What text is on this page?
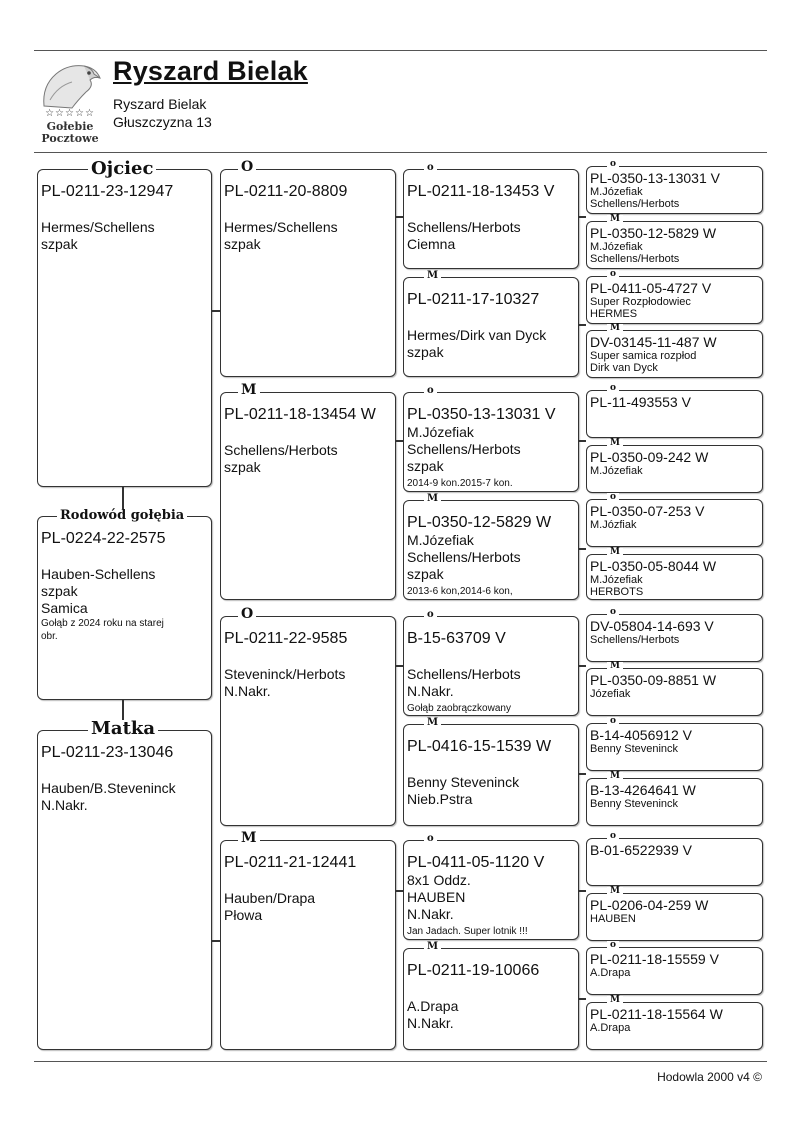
☆☆☆☆☆
Gołebie
Pocztowe
Ryszard Bielak
Ryszard Bielak
Głuszczyzna 13
PL-0211-23-12947
Hermes/Schellens
szpak
Ojciec
PL-0224-22-2575
Hauben-Schellens
szpak
Samica
Gołąb z 2024 roku na starej
obr.
Rodowód gołębia
PL-0211-23-13046
Hauben/B.Steveninck
N.Nakr.
Matka
PL-0211-20-8809
Hermes/Schellens
szpak
O
PL-0211-18-13454 W
Schellens/Herbots
szpak
M
PL-0211-22-9585
Steveninck/Herbots
N.Nakr.
O
PL-0211-21-12441
Hauben/Drapa
Płowa
M
PL-0211-18-13453 V
Schellens/Herbots
Ciemna
o
PL-0211-17-10327
Hermes/Dirk van Dyck
szpak
M
PL-0350-13-13031 V
M.Józefiak
Schellens/Herbots
szpak
2014-9 kon.2015-7 kon.
o
PL-0350-12-5829 W
M.Józefiak
Schellens/Herbots
szpak
2013-6 kon,2014-6 kon,
M
B-15-63709 V
Schellens/Herbots
N.Nakr.
Gołąb zaobrączkowany
o
PL-0416-15-1539 W
Benny Steveninck
Nieb.Pstra
M
PL-0411-05-1120 V
8x1 Oddz.
HAUBEN
N.Nakr.
Jan Jadach. Super lotnik !!!
o
PL-0211-19-10066
A.Drapa
N.Nakr.
M
PL-0350-13-13031 V
M.Józefiak
Schellens/Herbots
o
PL-0350-12-5829 W
M.Józefiak
Schellens/Herbots
M
PL-0411-05-4727 V
Super Rozpłodowiec
HERMES
o
DV-03145-11-487 W
Super samica rozpłod
Dirk van Dyck
M
PL-11-493553 V
o
PL-0350-09-242 W
M.Józefiak
M
PL-0350-07-253 V
M.Józfiak
o
PL-0350-05-8044 W
M.Józefiak
HERBOTS
M
DV-05804-14-693 V
Schellens/Herbots
o
PL-0350-09-8851 W
Józefiak
M
B-14-4056912 V
Benny Steveninck
o
B-13-4264641 W
Benny Steveninck
M
B-01-6522939 V
o
PL-0206-04-259 W
HAUBEN
M
PL-0211-18-15559 V
A.Drapa
o
PL-0211-18-15564 W
A.Drapa
M
Hodowla 2000 v4 ©
